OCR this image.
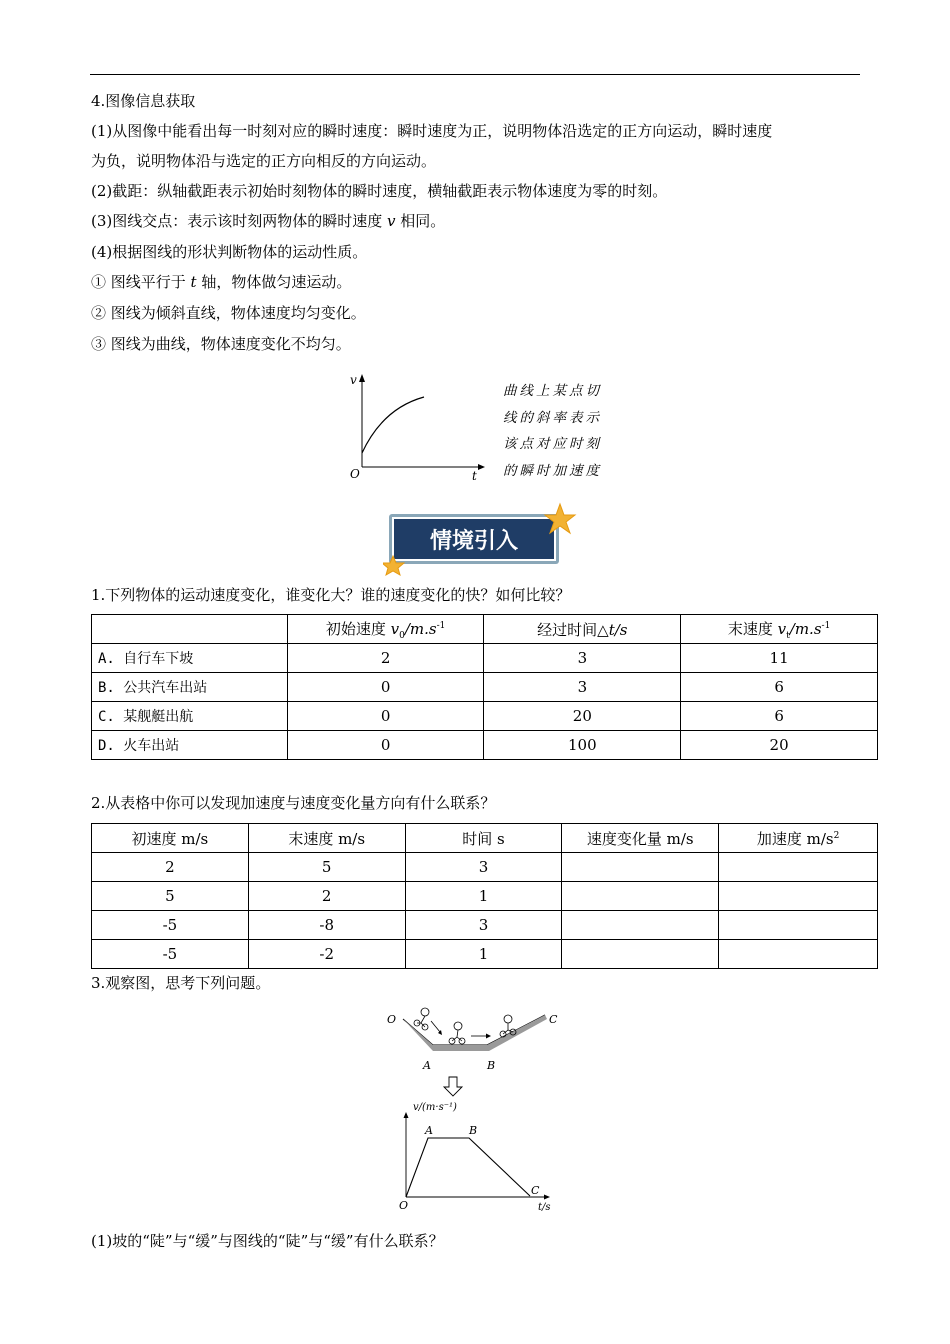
4.图像信息获取
(1)从图像中能看出每一时刻对应的瞬时速度：瞬时速度为正，说明物体沿选定的正方向运动，瞬时速度
为负，说明物体沿与选定的正方向相反的方向运动。
(2)截距：纵轴截距表示初始时刻物体的瞬时速度，横轴截距表示物体速度为零的时刻。
(3)图线交点：表示该时刻两物体的瞬时速度 v 相同。
(4)根据图线的形状判断物体的运动性质。
① 图线平行于 t 轴，物体做匀速运动。
② 图线为倾斜直线，物体速度均匀变化。
③ 图线为曲线，物体速度变化不均匀。
v
t
O
曲线上某点切
线的斜率表示
该点对应时刻
的瞬时加速度
情境引入
1.下列物体的运动速度变化，谁变化大？谁的速度变化的快？如何比较？
	初始速度 $v_0/m.s^{-1}$	经过时间△t/s	末速度 $v_t/m.s^{-1}$
A. 自行车下坡	2	3	11
B. 公共汽车出站	0	3	6
C. 某舰艇出航	0	20	6
D. 火车出站	0	100	20
2.从表格中你可以发现加速度与速度变化量方向有什么联系？
初速度 m/s	末速度 m/s	时间 s	速度变化量 m/s	加速度 $m/s^2$
2	5	3		
5	2	1		
-5	-8	3		
-5	-2	1		
3.观察图，思考下列问题。
O
A	B
C
v/(m·s⁻¹)
t/s
O
A	B
C
(1)坡的“陡”与“缓”与图线的“陡”与“缓”有什么联系？
